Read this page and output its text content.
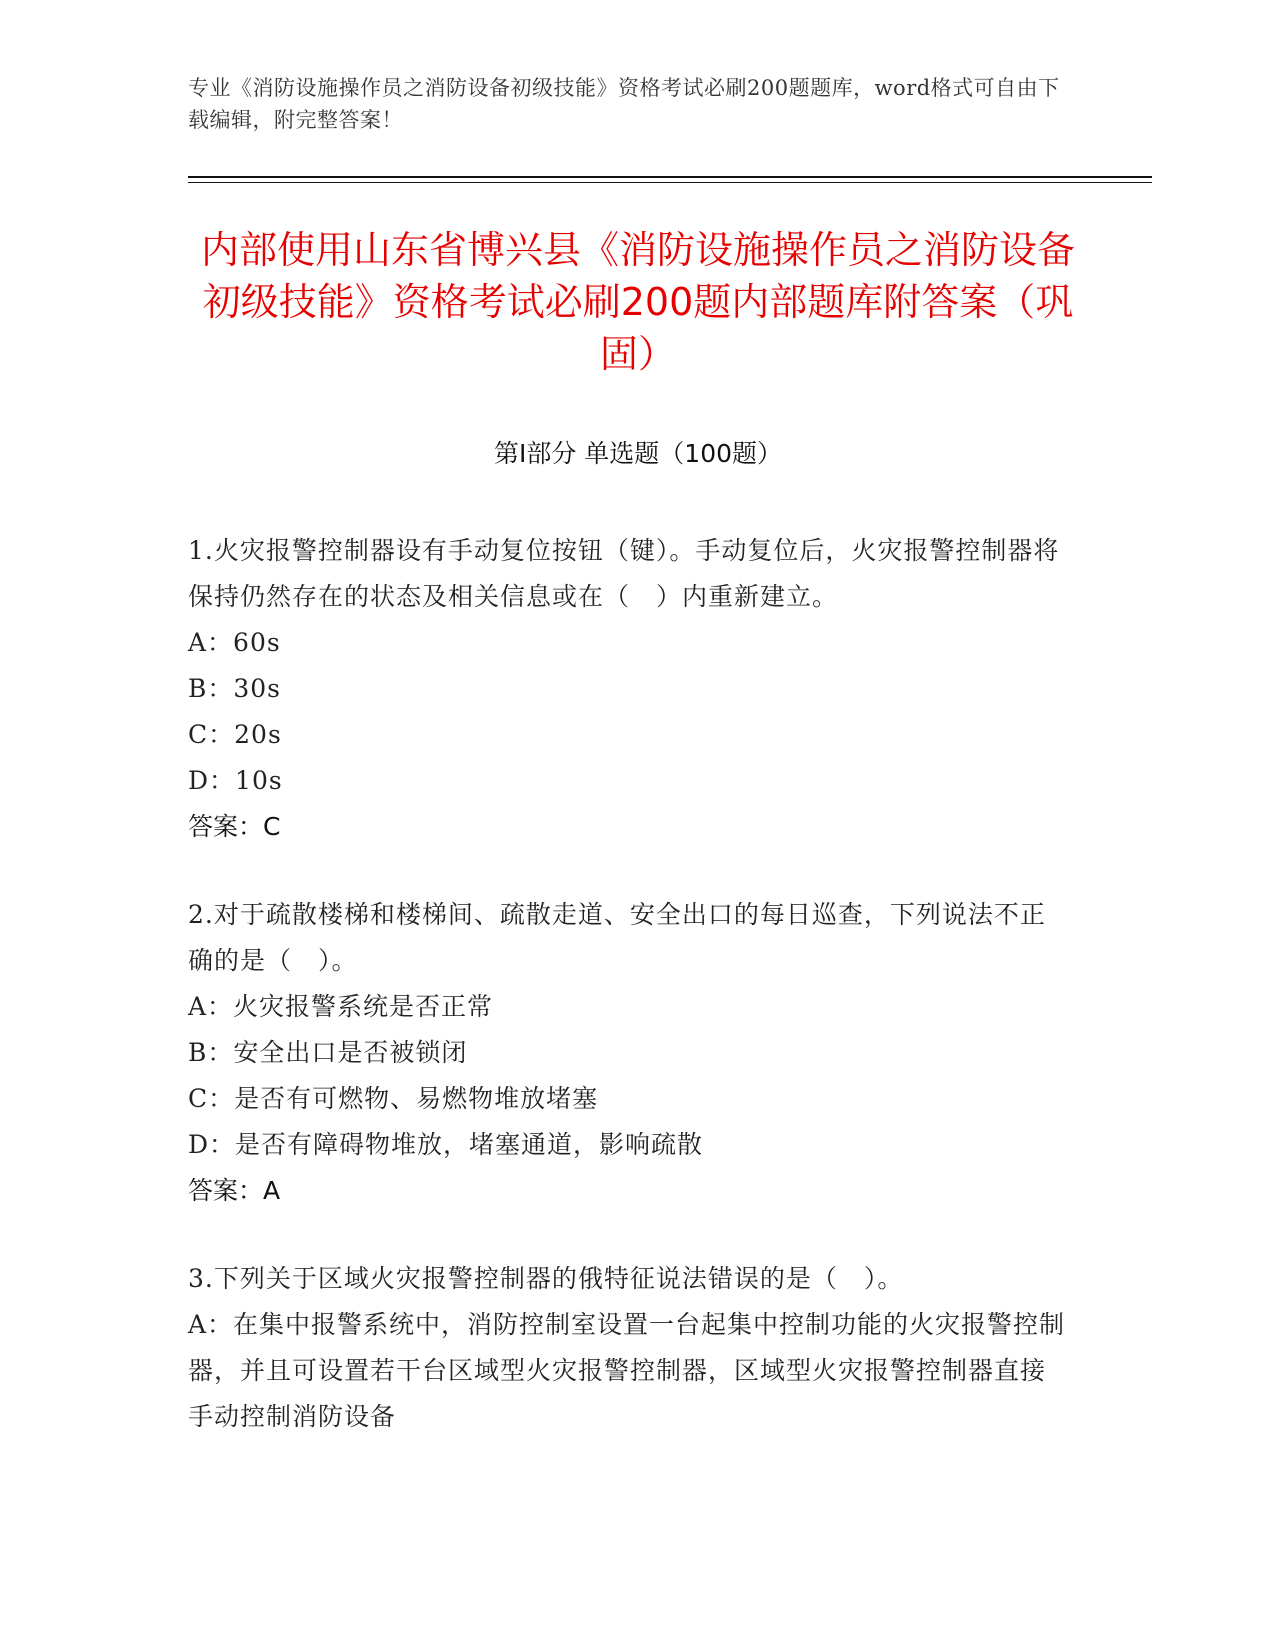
专业《消防设施操作员之消防设备初级技能》资格考试必刷200题题库，word格式可自由下载编辑，附完整答案！
内部使用山东省博兴县《消防设施操作员之消防设备初级技能》资格考试必刷200题内部题库附答案（巩固）
第Ⅰ部分 单选题（100题）
1.火灾报警控制器设有手动复位按钮（键）。手动复位后，火灾报警控制器将保持仍然存在的状态及相关信息或在（　）内重新建立。
A：60s
B：30s
C：20s
D：10s
答案：C
2.对于疏散楼梯和楼梯间、疏散走道、安全出口的每日巡查，下列说法不正确的是（　）。
A：火灾报警系统是否正常
B：安全出口是否被锁闭
C：是否有可燃物、易燃物堆放堵塞
D：是否有障碍物堆放，堵塞通道，影响疏散
答案：A
3.下列关于区域火灾报警控制器的俄特征说法错误的是（　）。
A：在集中报警系统中，消防控制室设置一台起集中控制功能的火灾报警控制器，并且可设置若干台区域型火灾报警控制器，区域型火灾报警控制器直接手动控制消防设备
